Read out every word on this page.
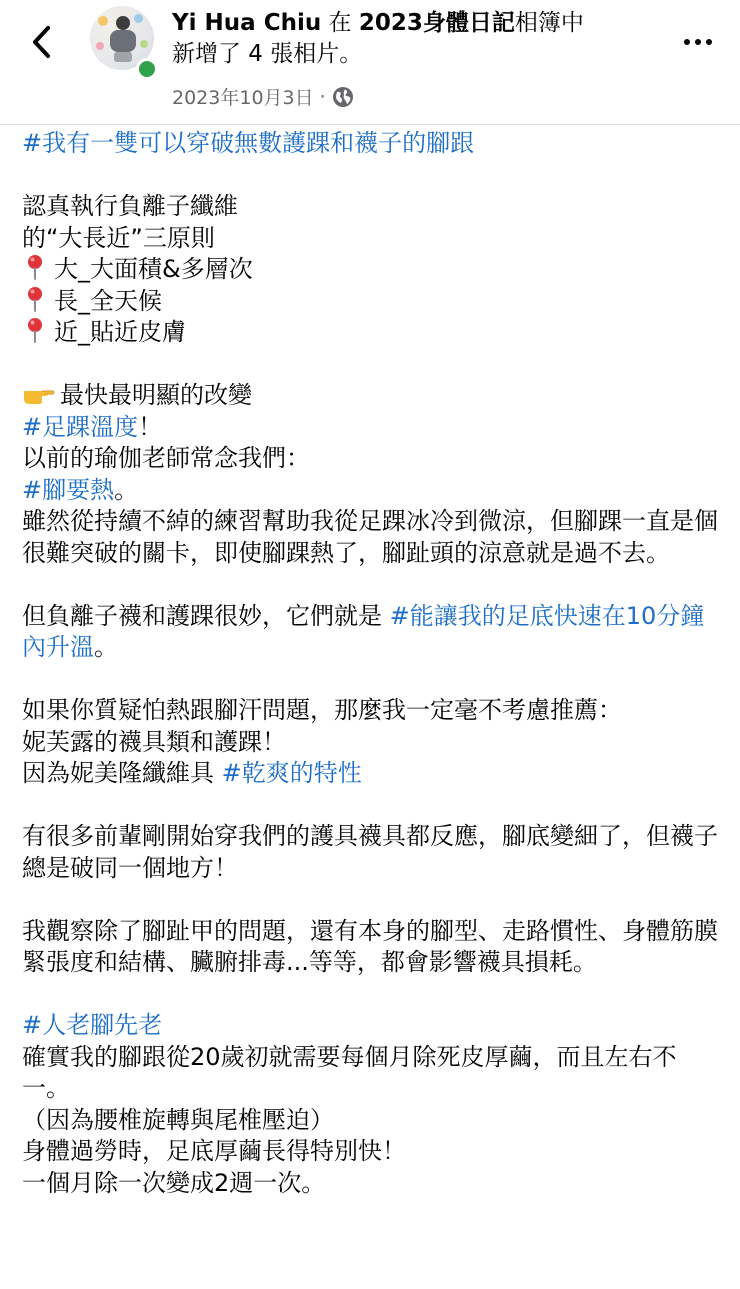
Yi Hua Chiu 在 2023身體日記相簿中
新增了 4 張相片。
2023年10月3日 ·

#我有一雙可以穿破無數護踝和襪子的腳跟

認真執行負離子纖維

的“大長近”三原則

大_大面積&多層次

長_全天候

近_貼近皮膚

最快最明顯的改變

#足踝溫度！

以前的瑜伽老師常念我們：

#腳要熱。

雖然從持續不綽的練習幫助我從足踝冰冷到微涼，但腳踝一直是個很難突破的關卡，即使腳踝熱了，腳趾頭的涼意就是過不去。

但負離子襪和護踝很妙，它們就是 #能讓我的足底快速在10分鐘內升溫。

如果你質疑怕熱跟腳汗問題，那麼我一定毫不考慮推薦：

妮芙露的襪具類和護踝！

因為妮美隆纖維具 #乾爽的特性

有很多前輩剛開始穿我們的護具襪具都反應，腳底變細了，但襪子總是破同一個地方！

我觀察除了腳趾甲的問題，還有本身的腳型、走路慣性、身體筋膜緊張度和結構、臟腑排毒...等等，都會影響襪具損耗。

#人老腳先老

確實我的腳跟從20歲初就需要每個月除死皮厚繭，而且左右不一。

（因為腰椎旋轉與尾椎壓迫）

身體過勞時，足底厚繭長得特別快！

一個月除一次變成2週一次。
